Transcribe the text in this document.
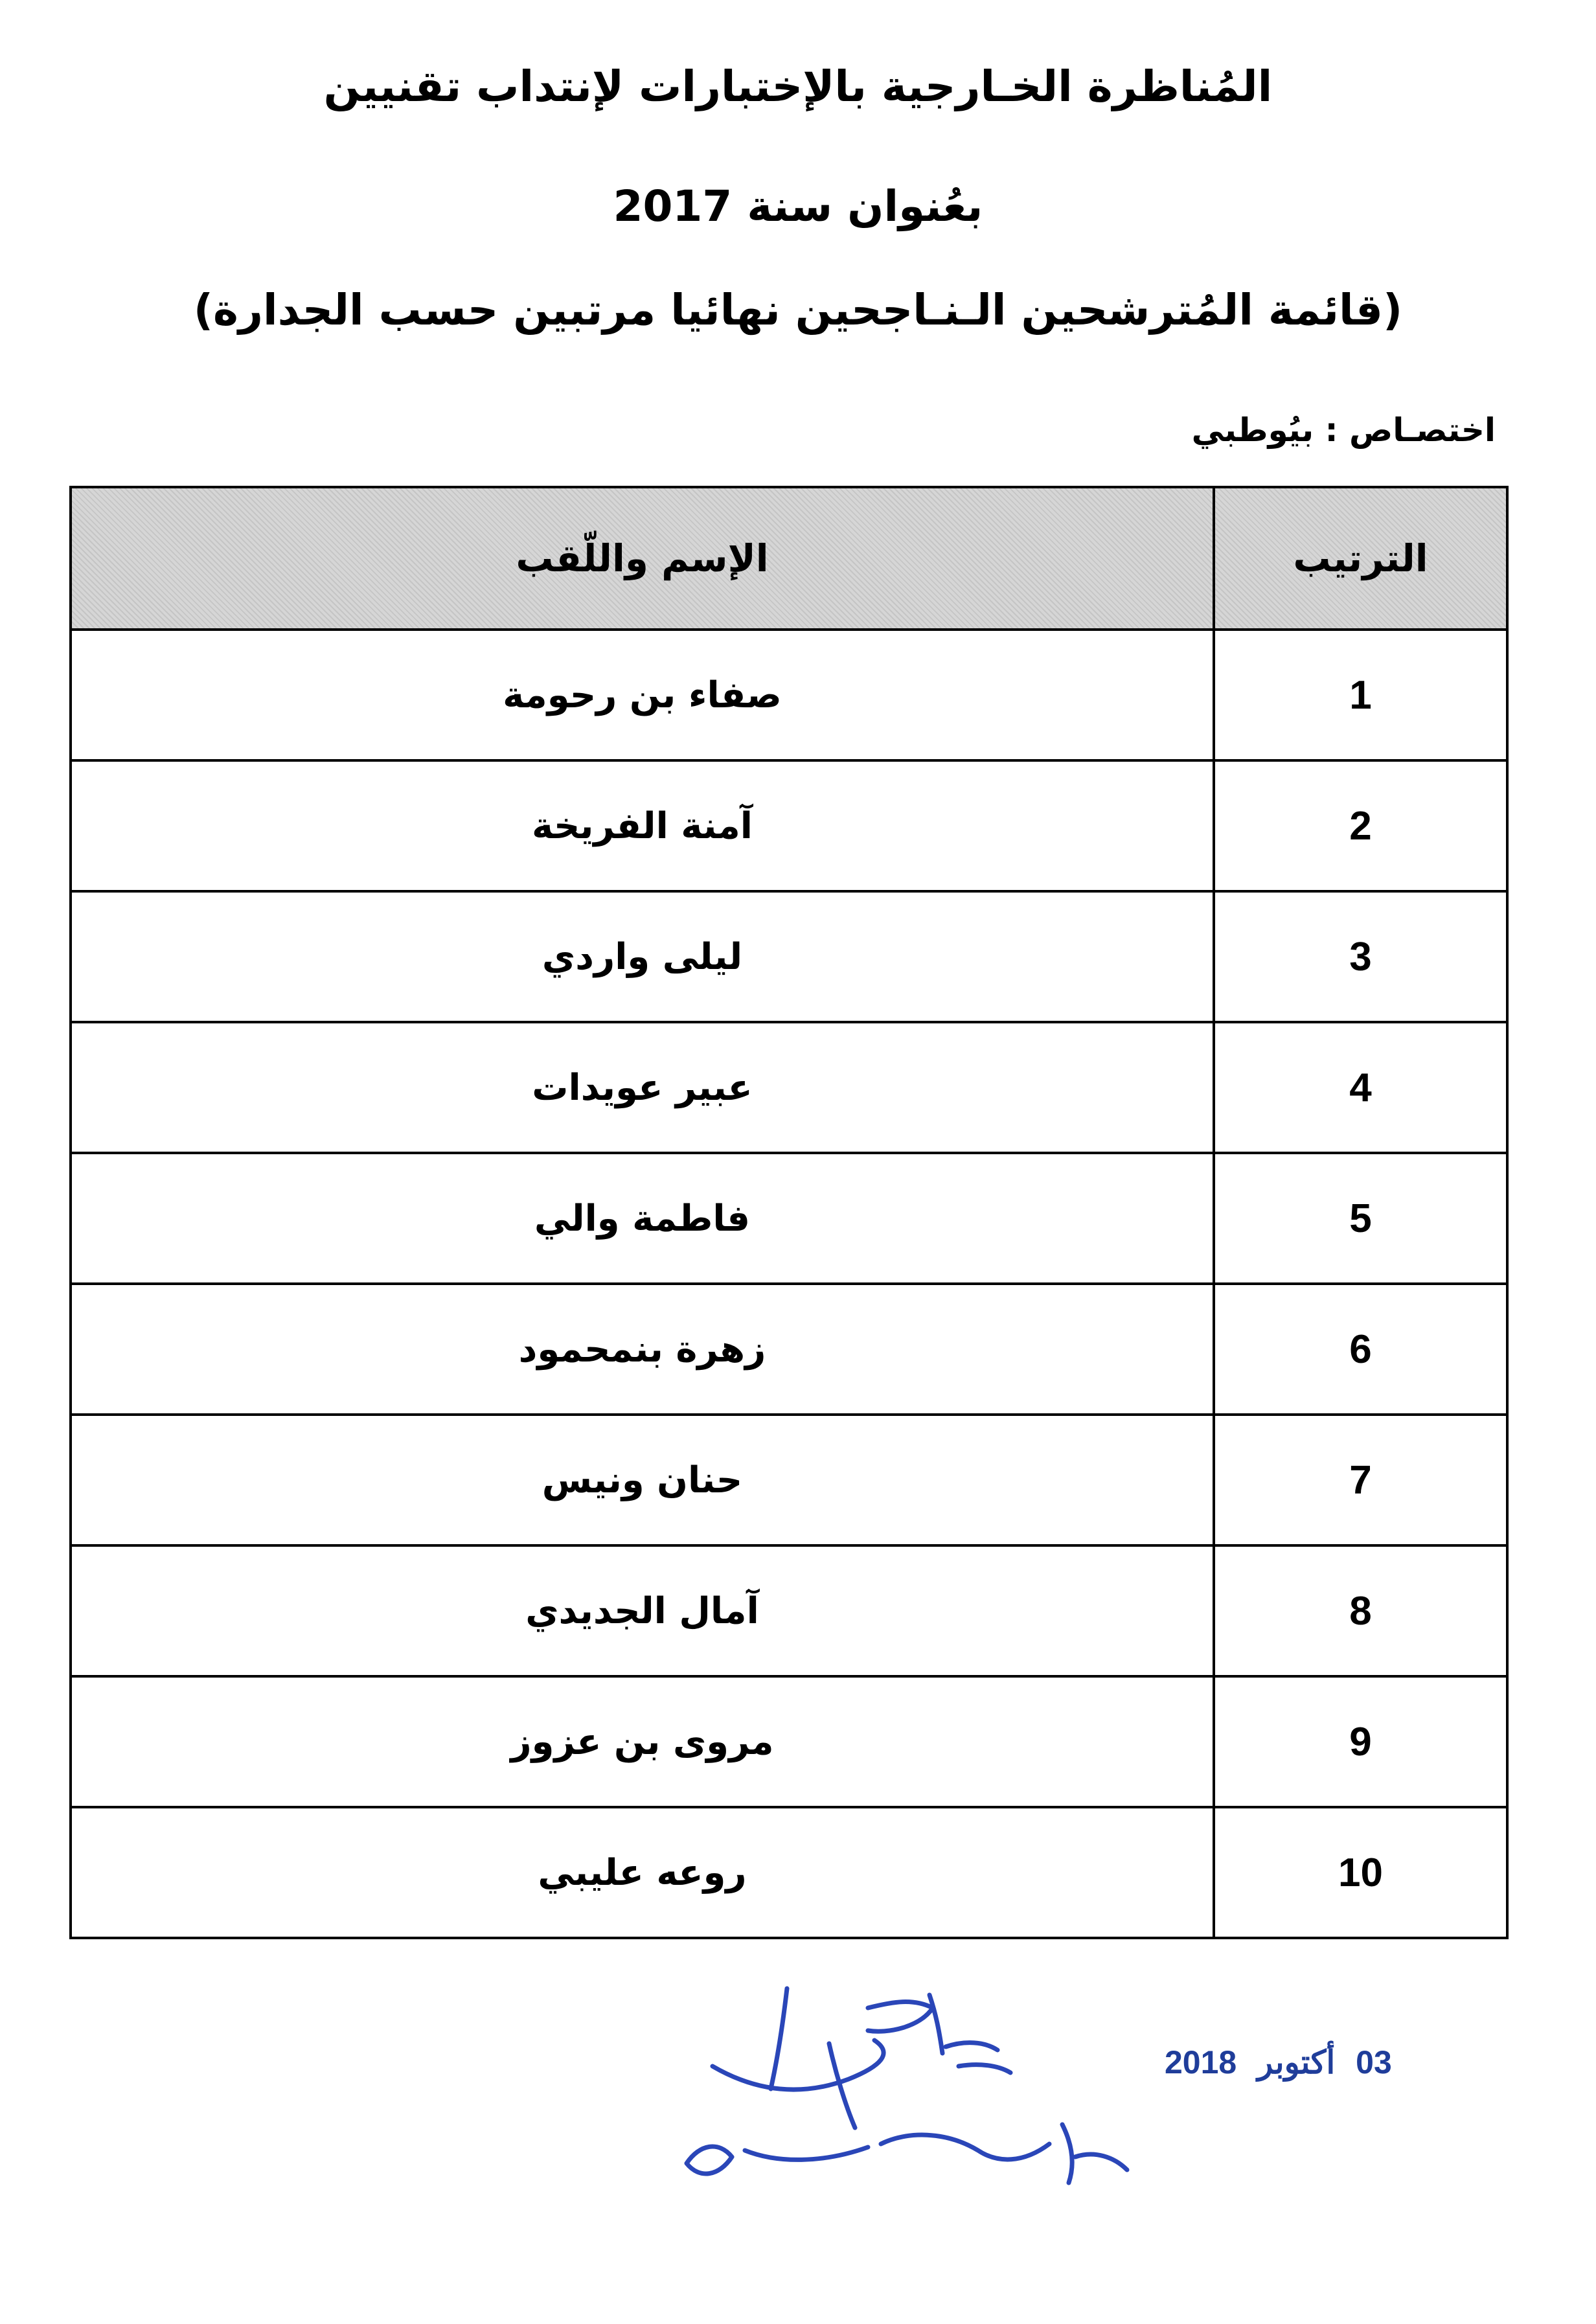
المُناظرة الخـارجية بالإختبارات لإنتداب تقنيين
بعُنوان سنة 2017
(قائمة المُترشحين الـنـاجحين نهائيا مرتبين حسب الجدارة)
اختصـاص : بيُوطبي
الترتيب	الإسم واللّقب
1	صفاء بن رحومة
2	آمنة الفريخة
3	ليلى واردي
4	عبير عويدات
5	فاطمة والي
6	زهرة بنمحمود
7	حنان ونيس
8	آمال الجديدي
9	مروى بن عزوز
10	روعه عليبي
03 أكتوبر 2018
